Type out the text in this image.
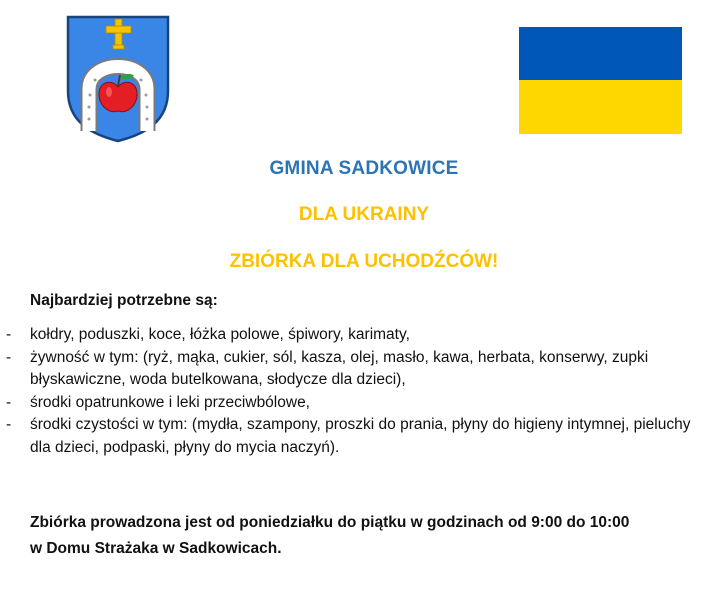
GMINA SADKOWICE
DLA UKRAINY
ZBIÓRKA DLA UCHODŹCÓW!
Najbardziej potrzebne są:
- kołdry, poduszki, koce, łóżka polowe, śpiwory, karimaty,
- żywność w tym: (ryż, mąka, cukier, sól, kasza, olej, masło, kawa, herbata, konserwy, zupki błyskawiczne, woda butelkowana, słodycze dla dzieci),
- środki opatrunkowe i leki przeciwbólowe,
- środki czystości w tym: (mydła, szampony, proszki do prania, płyny do higieny intymnej, pieluchy dla dzieci, podpaski, płyny do mycia naczyń).
Zbiórka prowadzona jest od poniedziałku do piątku w godzinach od 9:00 do 10:00
w Domu Strażaka w Sadkowicach.
